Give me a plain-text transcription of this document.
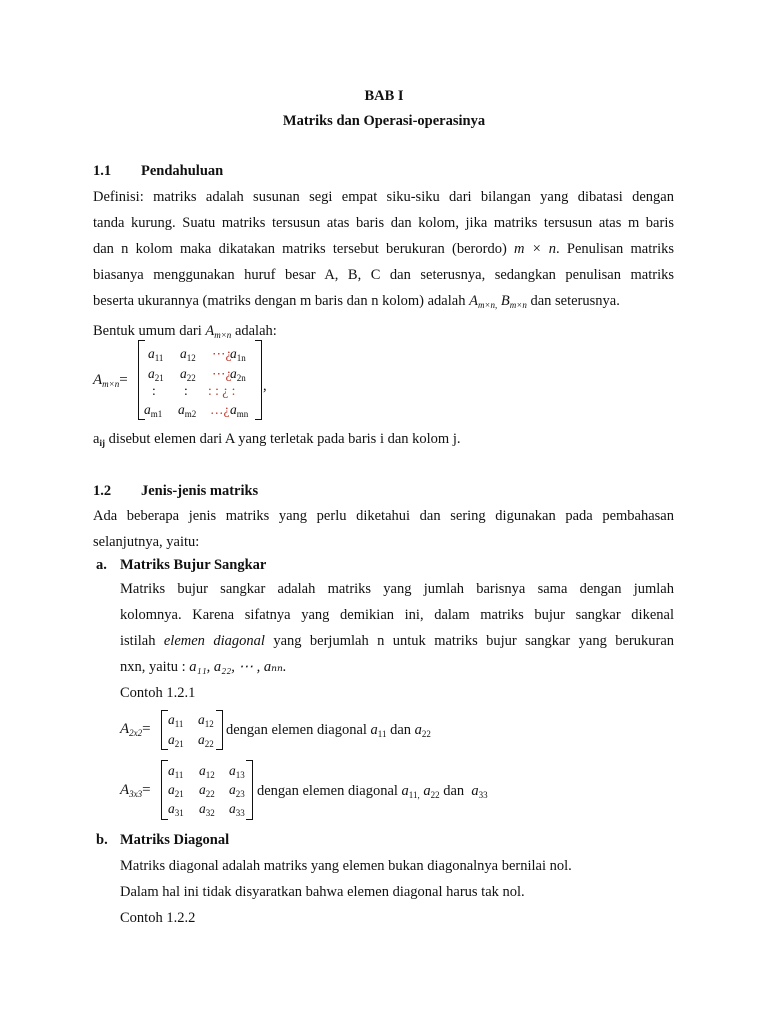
BAB I
Matriks dan Operasi-operasinya
1.1 Pendahuluan
Definisi: matriks adalah susunan segi empat siku-siku dari bilangan yang dibatasi dengan
tanda kurung. Suatu matriks tersusun atas baris dan kolom, jika matriks tersusun atas m baris
dan n kolom maka dikatakan matriks tersebut berukuran (berordo) m × n. Penulisan matriks
biasanya menggunakan huruf besar A, B, C dan seterusnya, sedangkan penulisan matriks
beserta ukurannya (matriks dengan m baris dan n kolom) adalah $A_{m\times n,}$ $B_{m\times n}$ dan seterusnya.
Bentuk umum dari $A_{m\times n}$ adalah:
$A_{m\times n}=$
$a_{11}$ $a_{12}$ ⋯¿
$a_{1n}$
$a_{21}$ $a_{22}$ ⋯¿
$a_{2n}$
: : : : ¿ :
$a_{m1}$ $a_{m2}$ …¿ $a_{mn}$
,
$a_{ij}$ disebut elemen dari A yang terletak pada baris i dan kolom j.
1.2 Jenis-jenis matriks
Ada beberapa jenis matriks yang perlu diketahui dan sering digunakan pada pembahasan
selanjutnya, yaitu:
a. Matriks Bujur Sangkar
Matriks bujur sangkar adalah matriks yang jumlah barisnya sama dengan jumlah
kolomnya. Karena sifatnya yang demikian ini, dalam matriks bujur sangkar dikenal
istilah elemen diagonal yang berjumlah n untuk matriks bujur sangkar yang berukuran
nxn, yaitu : a₁₁, a₂₂, ⋯ , aₙₙ.
Contoh 1.2.1
$A_{2x2}=$
$a_{11}$ $a_{12}$
$a_{21}$ $a_{22}$
dengan elemen diagonal $a_{11}$ dan $a_{22}$
$A_{3x3}=$
$a_{11}$ $a_{12}$ $a_{13}$
$a_{21}$ $a_{22}$ $a_{23}$
$a_{31}$ $a_{32}$ $a_{33}$
dengan elemen diagonal $a_{11,}$ $a_{22}$ dan $a_{33}$
b. Matriks Diagonal
Matriks diagonal adalah matriks yang elemen bukan diagonalnya bernilai nol.
Dalam hal ini tidak disyaratkan bahwa elemen diagonal harus tak nol.
Contoh 1.2.2
